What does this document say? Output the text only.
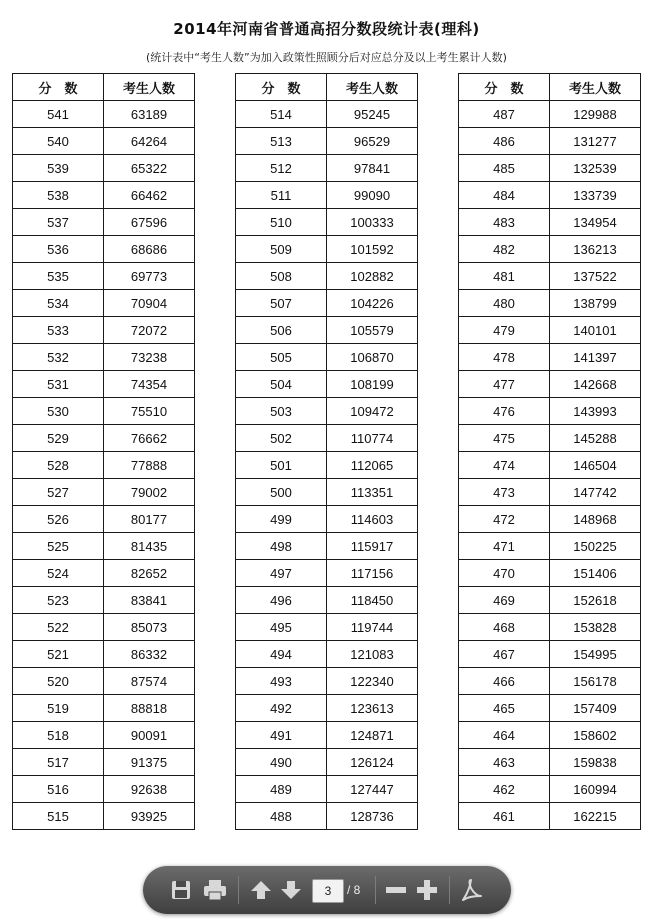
2014年河南省普通高招分数段统计表(理科)
(统计表中“考生人数”为加入政策性照顾分后对应总分及以上考生累计人数)
分　数	考生人数
541	63189
540	64264
539	65322
538	66462
537	67596
536	68686
535	69773
534	70904
533	72072
532	73238
531	74354
530	75510
529	76662
528	77888
527	79002
526	80177
525	81435
524	82652
523	83841
522	85073
521	86332
520	87574
519	88818
518	90091
517	91375
516	92638
515	93925
分　数	考生人数
514	95245
513	96529
512	97841
511	99090
510	100333
509	101592
508	102882
507	104226
506	105579
505	106870
504	108199
503	109472
502	110774
501	112065
500	113351
499	114603
498	115917
497	117156
496	118450
495	119744
494	121083
493	122340
492	123613
491	124871
490	126124
489	127447
488	128736
分　数	考生人数
487	129988
486	131277
485	132539
484	133739
483	134954
482	136213
481	137522
480	138799
479	140101
478	141397
477	142668
476	143993
475	145288
474	146504
473	147742
472	148968
471	150225
470	151406
469	152618
468	153828
467	154995
466	156178
465	157409
464	158602
463	159838
462	160994
461	162215
3	/ 8
